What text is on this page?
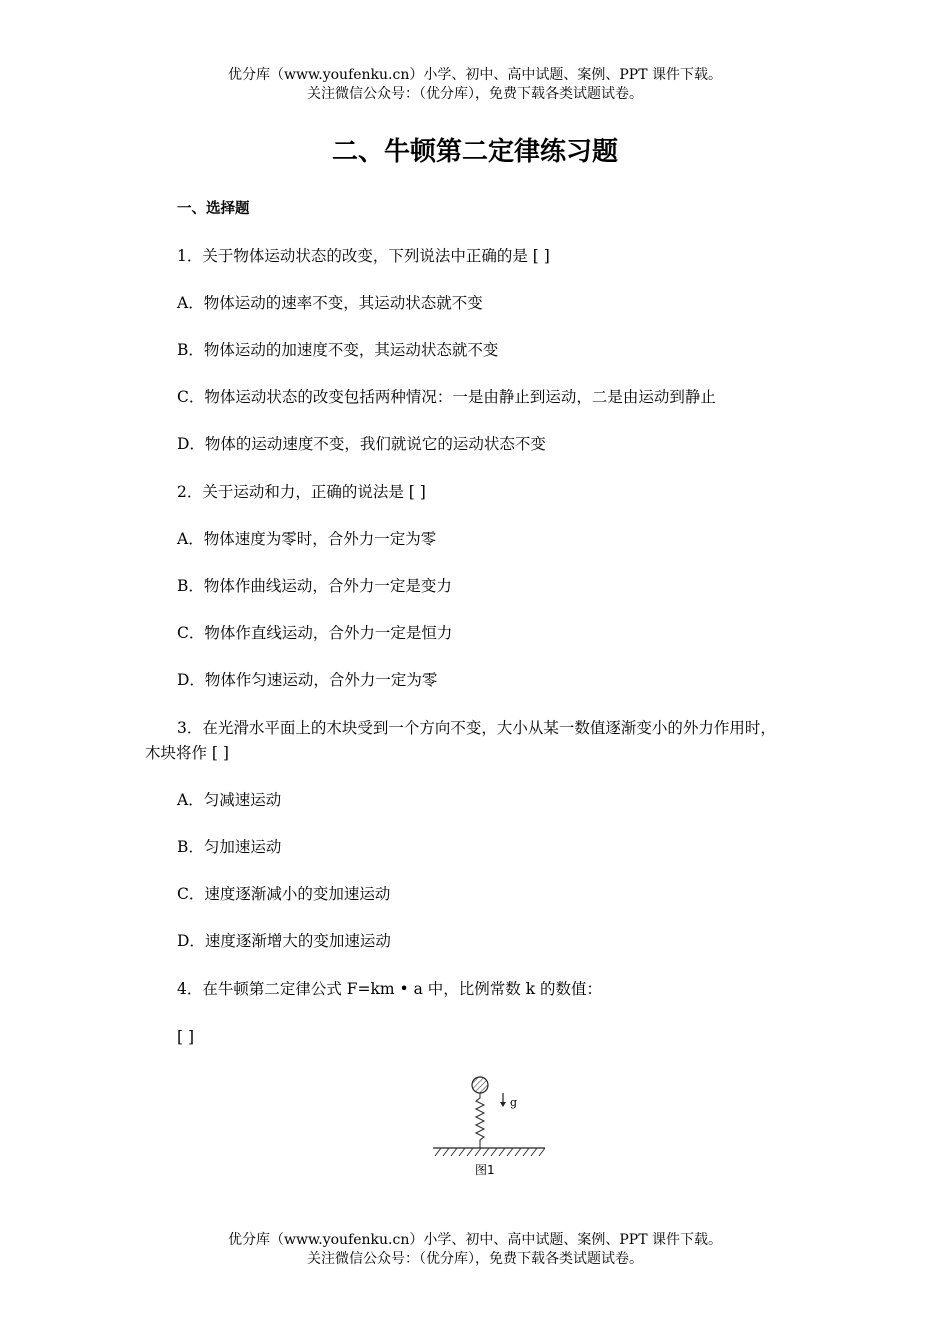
优分库（www.youfenku.cn）小学、初中、高中试题、案例、PPT 课件下载。

关注微信公众号：（优分库），免费下载各类试题试卷。

二、牛顿第二定律练习题
一、选择题
1．关于物体运动状态的改变，下列说法中正确的是 [ ]
A．物体运动的速率不变，其运动状态就不变
B．物体运动的加速度不变，其运动状态就不变
C．物体运动状态的改变包括两种情况：一是由静止到运动，二是由运动到静止
D．物体的运动速度不变，我们就说它的运动状态不变
2．关于运动和力，正确的说法是 [ ]
A．物体速度为零时，合外力一定为零
B．物体作曲线运动，合外力一定是变力
C．物体作直线运动，合外力一定是恒力
D．物体作匀速运动，合外力一定为零
3．在光滑水平面上的木块受到一个方向不变，大小从某一数值逐渐变小的外力作用时，
木块将作 [ ]
A．匀减速运动
B．匀加速运动
C．速度逐渐减小的变加速运动
D．速度逐渐增大的变加速运动
4．在牛顿第二定律公式 F=km • a 中，比例常数 k 的数值：
[ ]
g
图1

优分库（www.youfenku.cn）小学、初中、高中试题、案例、PPT 课件下载。

关注微信公众号：（优分库），免费下载各类试题试卷。
